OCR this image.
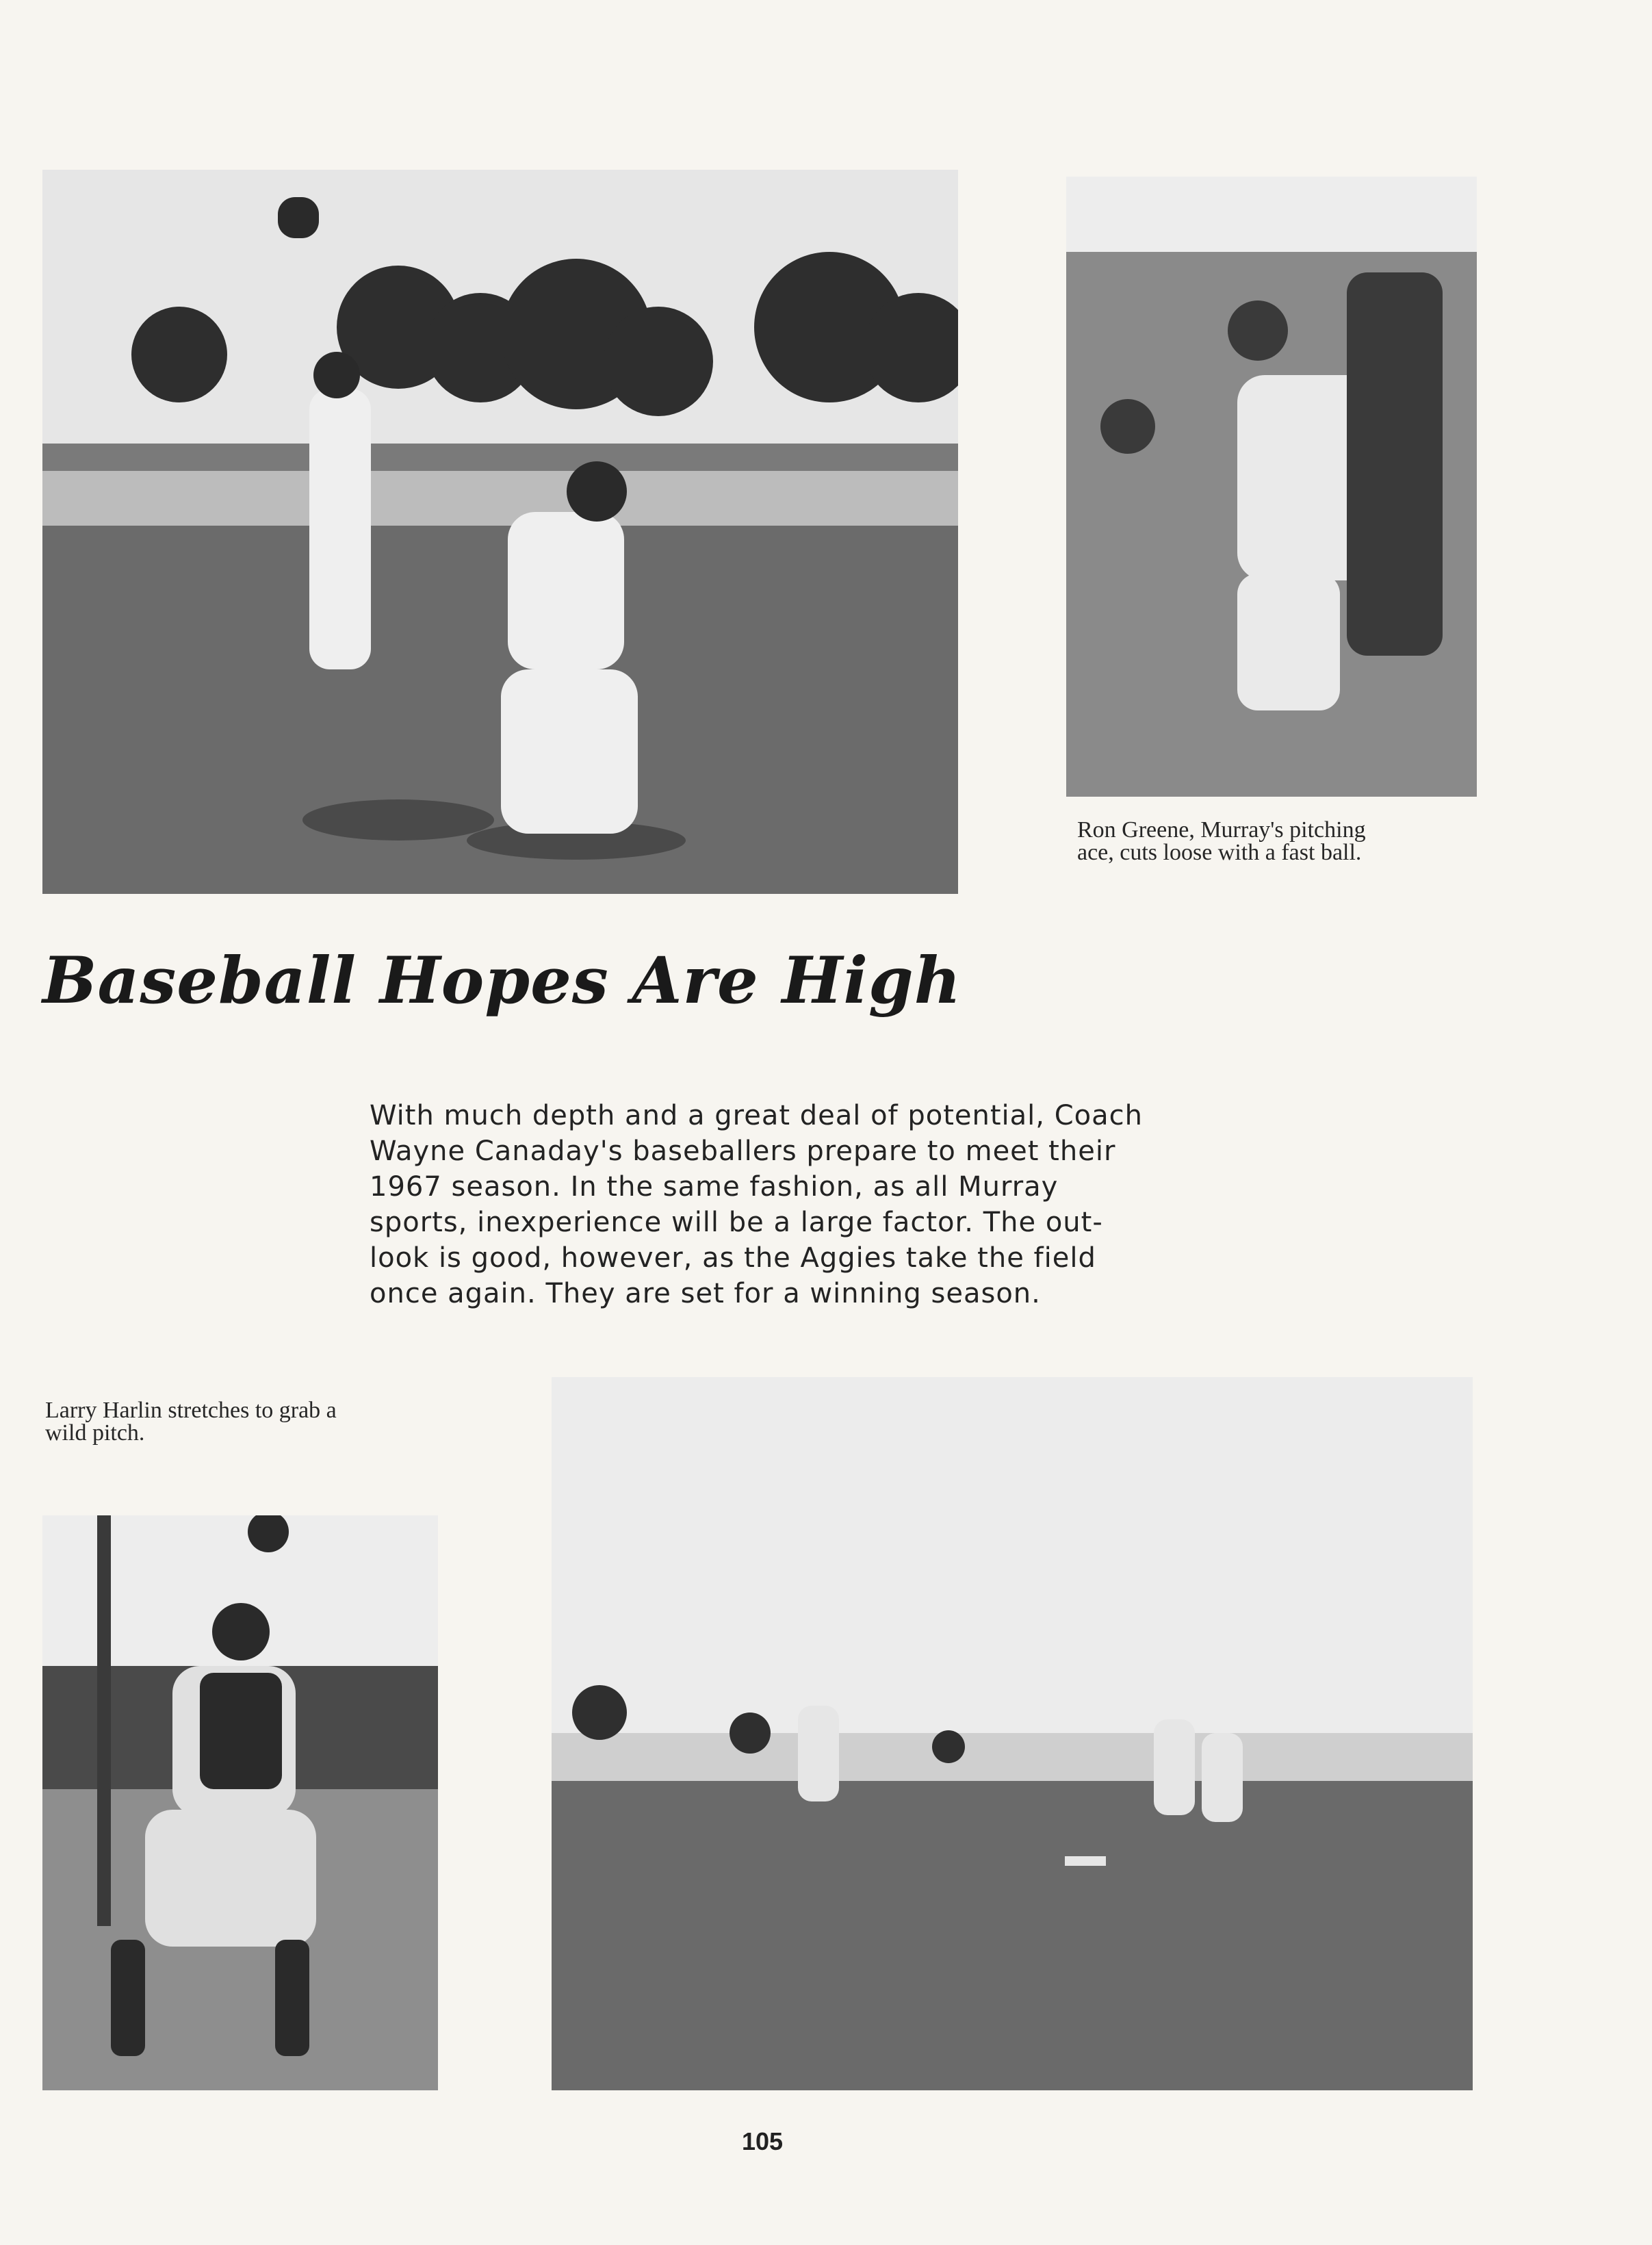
Ron Greene, Murray's pitching
ace, cuts loose with a fast ball.
Baseball Hopes Are High

With much depth and a great deal of potential, Coach
Wayne Canaday's baseballers prepare to meet their
1967 season. In the same fashion, as all Murray
sports, inexperience will be a large factor. The out-
look is good, however, as the Aggies take the field
once again. They are set for a winning season.

Larry Harlin stretches to grab a
wild pitch.
105
